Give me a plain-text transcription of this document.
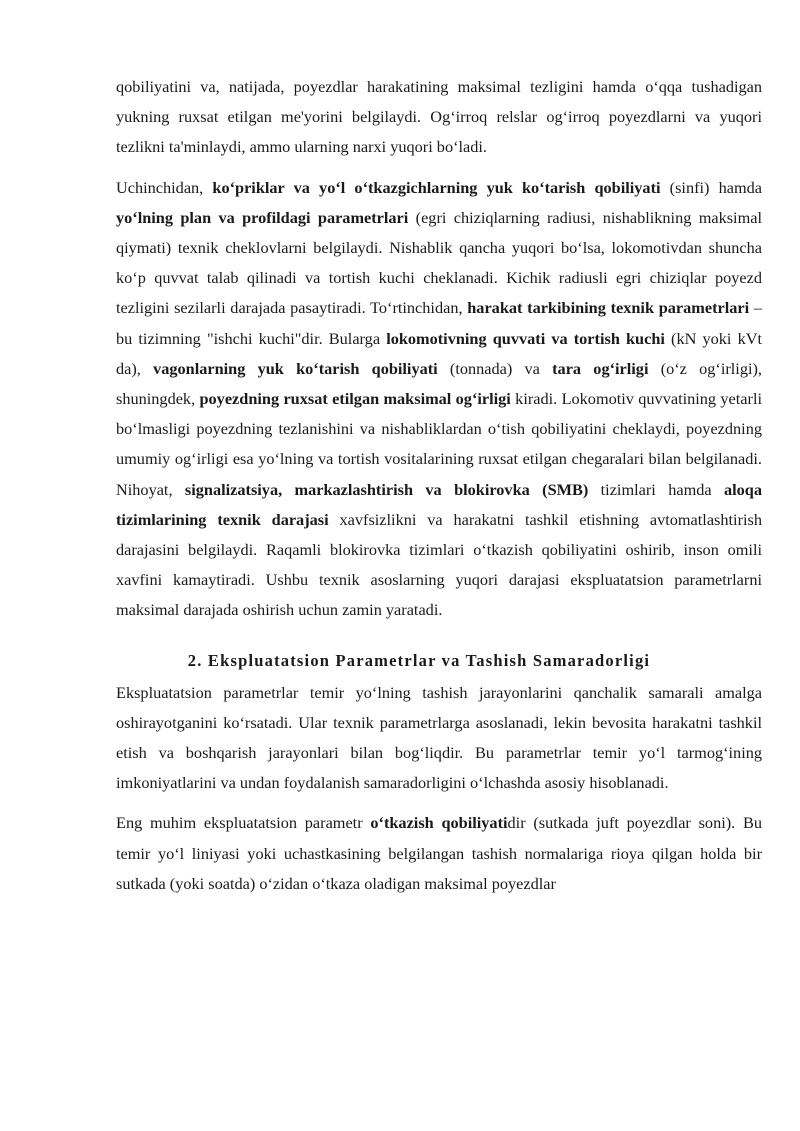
qobiliyatini va, natijada, poyezdlar harakatining maksimal tezligini hamda o‘qqa tushadigan yukning ruxsat etilgan me'yorini belgilaydi. Og‘irroq relslar og‘irroq poyezdlarni va yuqori tezlikni ta'minlaydi, ammo ularning narxi yuqori bo‘ladi.

Uchinchidan, ko‘priklar va yo‘l o‘tkazgichlarning yuk ko‘tarish qobiliyati (sinfi) hamda yo‘lning plan va profildagi parametrlari (egri chiziqlarning radiusi, nishablikning maksimal qiymati) texnik cheklovlarni belgilaydi. Nishablik qancha yuqori bo‘lsa, lokomotivdan shuncha ko‘p quvvat talab qilinadi va tortish kuchi cheklanadi. Kichik radiusli egri chiziqlar poyezd tezligini sezilarli darajada pasaytiradi. To‘rtinchidan, harakat tarkibining texnik parametrlari – bu tizimning "ishchi kuchi"dir. Bularga lokomotivning quvvati va tortish kuchi (kN yoki kVt da), vagonlarning yuk ko‘tarish qobiliyati (tonnada) va tara og‘irligi (o‘z og‘irligi), shuningdek, poyezdning ruxsat etilgan maksimal og‘irligi kiradi. Lokomotiv quvvatining yetarli bo‘lmasligi poyezdning tezlanishini va nishabliklardan o‘tish qobiliyatini cheklaydi, poyezdning umumiy og‘irligi esa yo‘lning va tortish vositalarining ruxsat etilgan chegaralari bilan belgilanadi. Nihoyat, signalizatsiya, markazlashtirish va blokirovka (SMB) tizimlari hamda aloqa tizimlarining texnik darajasi xavfsizlikni va harakatni tashkil etishning avtomatlashtirish darajasini belgilaydi. Raqamli blokirovka tizimlari o‘tkazish qobiliyatini oshirib, inson omili xavfini kamaytiradi. Ushbu texnik asoslarning yuqori darajasi ekspluatatsion parametrlarni maksimal darajada oshirish uchun zamin yaratadi.

2. Ekspluatatsion Parametrlar va Tashish Samaradorligi

Ekspluatatsion parametrlar temir yo‘lning tashish jarayonlarini qanchalik samarali amalga oshirayotganini ko‘rsatadi. Ular texnik parametrlarga asoslanadi, lekin bevosita harakatni tashkil etish va boshqarish jarayonlari bilan bog‘liqdir. Bu parametrlar temir yo‘l tarmog‘ining imkoniyatlarini va undan foydalanish samaradorligini o‘lchashda asosiy hisoblanadi.

Eng muhim ekspluatatsion parametr o‘tkazish qobiliyatidir (sutkada juft poyezdlar soni). Bu temir yo‘l liniyasi yoki uchastkasining belgilangan tashish normalariga rioya qilgan holda bir sutkada (yoki soatda) o‘zidan o‘tkaza oladigan maksimal poyezdlar
